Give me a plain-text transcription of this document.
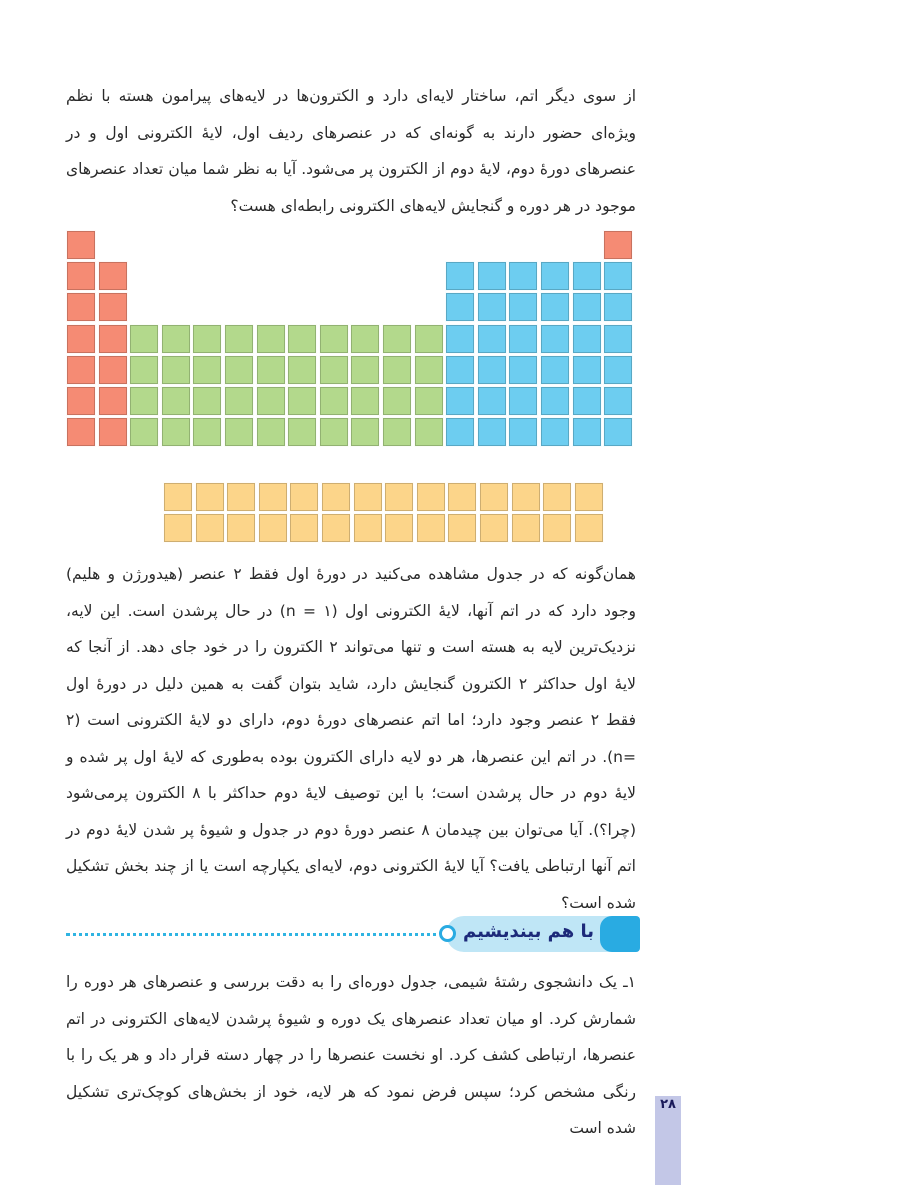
از سوی دیگر اتم، ساختار لایه‌ای دارد و الکترون‌ها در لایه‌های پیرامون هسته با نظم ویژه‌ای حضور دارند به گونه‌ای که در عنصرهای ردیف اول، لایهٔ الکترونی اول و در عنصرهای دورهٔ دوم، لایهٔ دوم از الکترون پر می‌شود. آیا به نظر شما میان تعداد عنصرهای موجود در هر دوره و گنجایش لایه‌های الکترونی رابطه‌ای هست؟

همان‌گونه که در جدول مشاهده می‌کنید در دورهٔ اول فقط ۲ عنصر (هیدورژن و هلیم) وجود دارد که در اتم آنها، لایهٔ الکترونی اول (۱ = n) در حال پرشدن است. این لایه، نزدیک‌ترین لایه به هسته است و تنها می‌تواند ۲ الکترون را در خود جای دهد. از آنجا که لایهٔ اول حداکثر ۲ الکترون گنجایش دارد، شاید بتوان گفت به همین دلیل در دورهٔ اول فقط ۲ عنصر وجود دارد؛ اما اتم عنصرهای دورهٔ دوم، دارای دو لایهٔ الکترونی است (۲ =n). در اتم این عنصرها، هر دو لایه دارای الکترون بوده به‌طوری که لایهٔ اول پر شده و لایهٔ دوم در حال پرشدن است؛ با این توصیف لایهٔ دوم حداکثر با ۸ الکترون پرمی‌شود (چرا؟). آیا می‌توان بین چیدمان ۸ عنصر دورهٔ دوم در جدول و شیوهٔ پر شدن لایهٔ دوم در اتم آنها ارتباطی یافت؟ آیا لایهٔ الکترونی دوم، لایه‌ای یکپارچه است یا از چند بخش تشکیل شده است؟

با هم بیندیشیم

۱ـ یک دانشجوی رشتهٔ شیمی، جدول دوره‌ای را به دقت بررسی و عنصرهای هر دوره را شمارش کرد. او میان تعداد عنصرهای یک دوره و شیوهٔ پرشدن لایه‌های الکترونی در اتم عنصرها، ارتباطی کشف کرد. او نخست عنصرها را در چهار دسته قرار داد و هر یک را با رنگی مشخص کرد؛ سپس فرض نمود که هر لایه، خود از بخش‌های کوچک‌تری تشکیل شده است

۲۸
